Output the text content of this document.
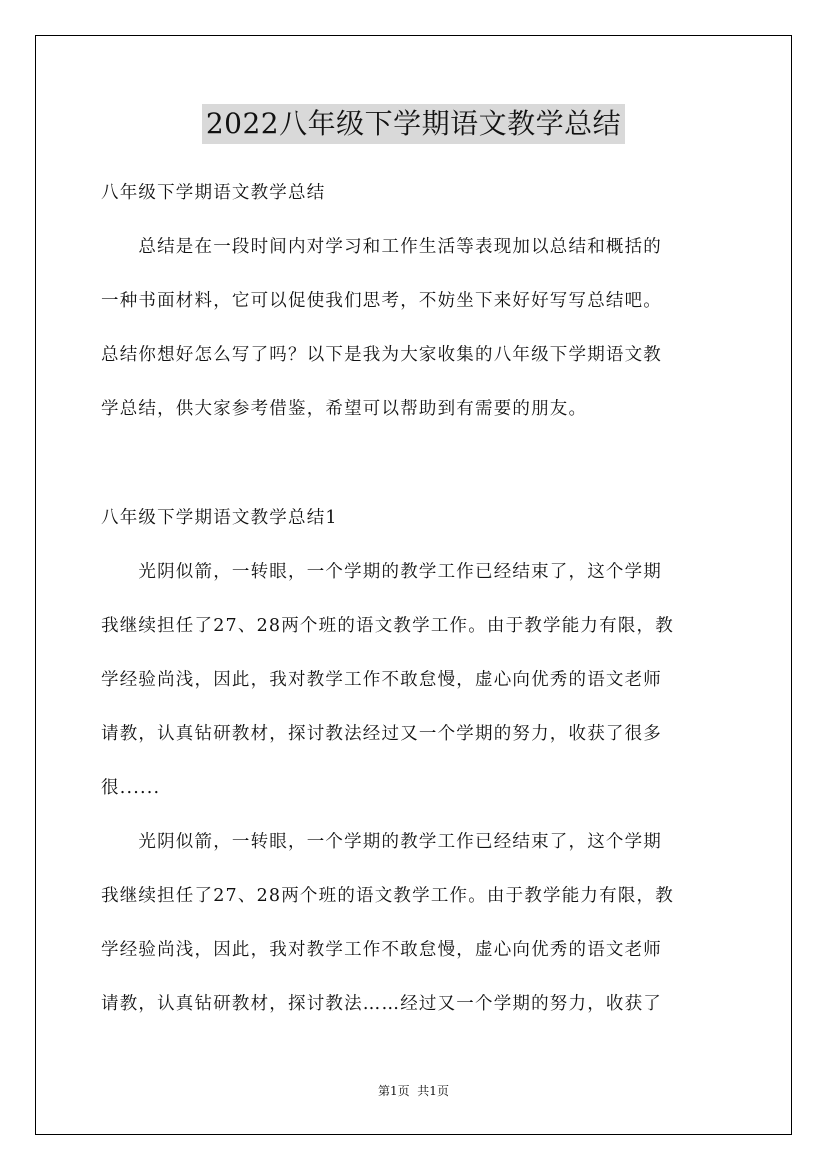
2022八年级下学期语文教学总结
八年级下学期语文教学总结
　　总结是在一段时间内对学习和工作生活等表现加以总结和概括的
一种书面材料，它可以促使我们思考，不妨坐下来好好写写总结吧。
总结你想好怎么写了吗？以下是我为大家收集的八年级下学期语文教
学总结，供大家参考借鉴，希望可以帮助到有需要的朋友。
八年级下学期语文教学总结1
　　光阴似箭，一转眼，一个学期的教学工作已经结束了，这个学期
我继续担任了27、28两个班的语文教学工作。由于教学能力有限，教
学经验尚浅，因此，我对教学工作不敢怠慢，虚心向优秀的语文老师
请教，认真钻研教材，探讨教法经过又一个学期的努力，收获了很多
很......
　　光阴似箭，一转眼，一个学期的教学工作已经结束了，这个学期
我继续担任了27、28两个班的语文教学工作。由于教学能力有限，教
学经验尚浅，因此，我对教学工作不敢怠慢，虚心向优秀的语文老师
请教，认真钻研教材，探讨教法……经过又一个学期的努力，收获了
第1页  共1页
